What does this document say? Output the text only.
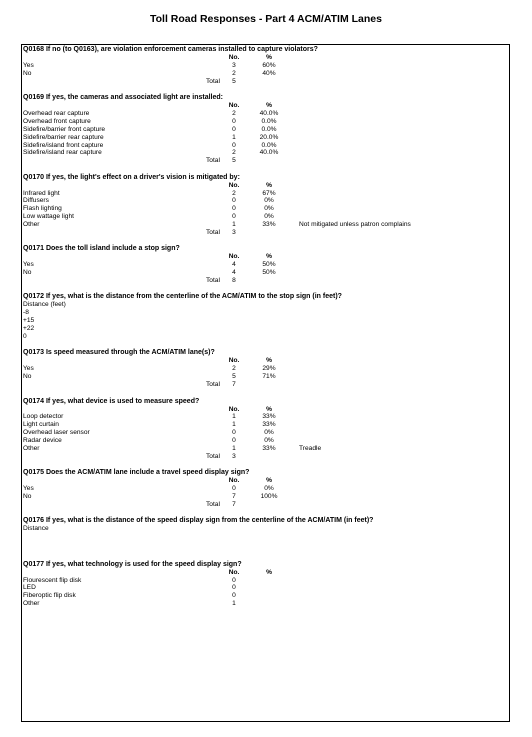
Toll Road Responses - Part 4 ACM/ATIM Lanes
Q0168 If no (to Q0163), are violation enforcement cameras installed to capture violators?
No.	%
Yes	3	60%
No	2	40%
Total	5
Q0169 If yes, the cameras and associated light are installed:
No.	%
Overhead rear capture	2	40.0%
Overhead front capture	0	0.0%
Sidefire/barrier front capture	0	0.0%
Sidefire/barrier rear capture	1	20.0%
Sidefire/island front capture	0	0.0%
Sidefire/island rear capture	2	40.0%
Total	5
Q0170 If yes, the light's effect on a driver's vision is mitigated by:
No.	%
Infrared light	2	67%
Diffusers	0	0%
Flash lighting	0	0%
Low wattage light	0	0%
Other	1	33%	Not mitigated unless patron complains
Total	3
Q0171 Does the toll island include a stop sign?
No.	%
Yes	4	50%
No	4	50%
Total	8
Q0172 If yes, what is the distance from the centerline of the ACM/ATIM to the stop sign (in feet)?
Distance (feet)
-8
+15
+22
0
Q0173 Is speed measured through the ACM/ATIM lane(s)?
No.	%
Yes	2	29%
No	5	71%
Total	7
Q0174 If yes, what device is used to measure speed?
No.	%
Loop detector	1	33%
Light curtain	1	33%
Overhead laser sensor	0	0%
Radar device	0	0%
Other	1	33%	Treadle
Total	3
Q0175 Does the ACM/ATIM lane include a travel speed display sign?
No.	%
Yes	0	0%
No	7	100%
Total	7
Q0176 If yes, what is the distance of the speed display sign from the centerline of the ACM/ATIM (in feet)?
Distance
Q0177 If yes, what technology is used for the speed display sign?
No.	%
Flourescent flip disk	0
LED	0
Fiberoptic flip disk	0
Other	1
